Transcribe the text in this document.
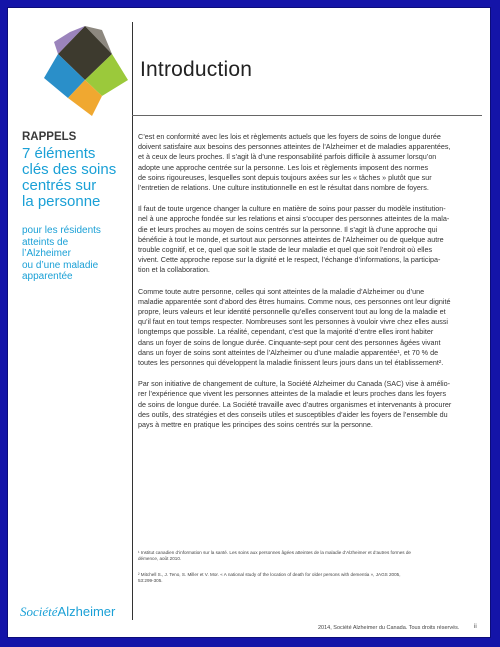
Introduction
RAPPELS
7 éléments
clés des soins
centrés sur
la personne
pour les résidents
atteints de
l’Alzheimer
ou d’une maladie
apparentée

C’est en conformité avec les lois et règlements actuels que les foyers de soins de longue durée
doivent satisfaire aux besoins des personnes atteintes de l’Alzheimer et de maladies apparentées,
et à ceux de leurs proches. Il s’agit là d’une responsabilité parfois difficile à assumer lorsqu’on
adopte une approche centrée sur la personne. Les lois et règlements imposent des normes
de soins rigoureuses, lesquelles sont depuis toujours axées sur les « tâches » plutôt que sur
l’entretien de relations. Une culture institutionnelle en est le résultat dans nombre de foyers.

Il faut de toute urgence changer la culture en matière de soins pour passer du modèle institution-
nel à une approche fondée sur les relations et ainsi s’occuper des personnes atteintes de la mala-
die et leurs proches au moyen de soins centrés sur la personne. Il s’agit là d’une approche qui
bénéficie à tout le monde, et surtout aux personnes atteintes de l’Alzheimer ou de quelque autre
trouble cognitif, et ce, quel que soit le stade de leur maladie et quel que soit l’endroit où elles
vivent. Cette approche repose sur la dignité et le respect, l’échange d’informations, la participa-
tion et la collaboration.

Comme toute autre personne, celles qui sont atteintes de la maladie d’Alzheimer ou d’une
maladie apparentée sont d’abord des êtres humains. Comme nous, ces personnes ont leur dignité
propre, leurs valeurs et leur identité personnelle qu’elles conservent tout au long de la maladie et
qu’il faut en tout temps respecter. Nombreuses sont les personnes à vouloir vivre chez elles aussi
longtemps que possible. La réalité, cependant, c’est que la majorité d’entre elles iront habiter
dans un foyer de soins de longue durée. Cinquante-sept pour cent des personnes âgées vivant
dans un foyer de soins sont atteintes de l’Alzheimer ou d’une maladie apparentée¹, et 70 % de
toutes les personnes qui développent la maladie finissent leurs jours dans un tel établissement².

Par son initiative de changement de culture, la Société Alzheimer du Canada (SAC) vise à amélio-
rer l’expérience que vivent les personnes atteintes de la maladie et leurs proches dans les foyers
de soins de longue durée. La Société travaille avec d’autres organismes et intervenants à procurer
des outils, des stratégies et des conseils utiles et susceptibles d’aider les foyers de l’ensemble du
pays à mettre en pratique les principes des soins centrés sur la personne.

¹ Institut canadien d’information sur la santé. Les soins aux personnes âgées atteintes de la maladie d’Alzheimer et d’autres formes de
démence, août 2010.
² Mitchell S., J. Teno, S. Miller et V. Mor. « A national study of the location of death for older persons with dementia », JAGS 2005,
53:299-305.
SociétéAlzheimer
2014, Société Alzheimer du Canada. Tous droits réservés. ii
